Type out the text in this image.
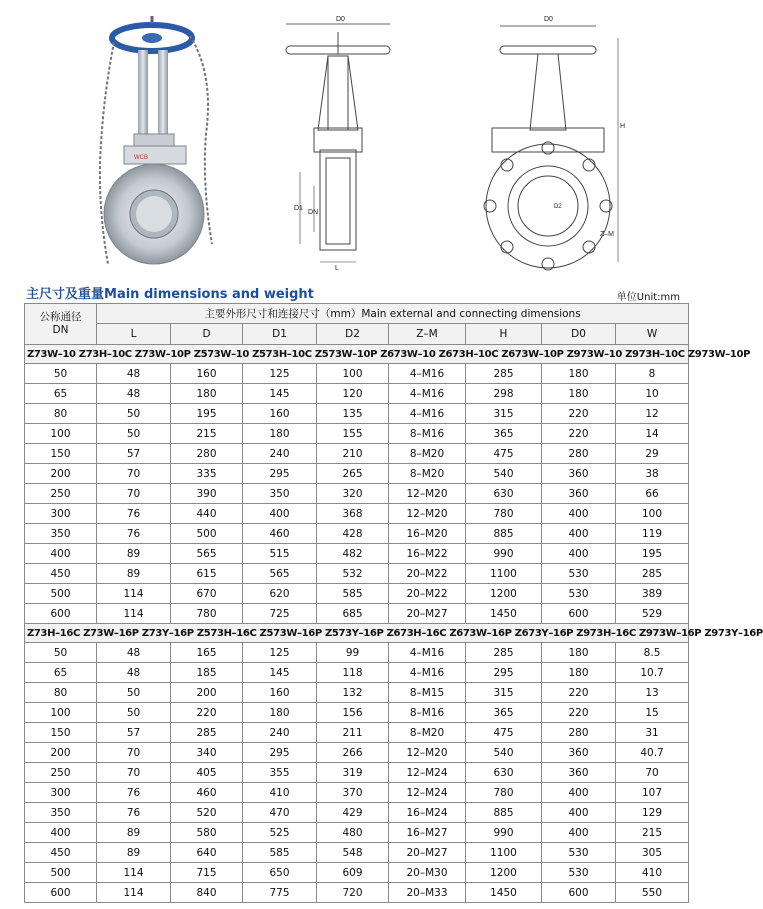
WCB
D0
D1
DN
L
D0
D2
H
Z–M
主尺寸及重量Main dimensions and weight	单位Unit:mm
公称通径
DN	主要外形尺寸和连接尺寸（mm）Main external and connecting dimensions							
	L	D	D1	D2	Z–M	H	D0	W
Z73W–10 Z73H–10C Z73W–10P Z573W–10 Z573H–10C Z573W–10P Z673W–10 Z673H–10C Z673W–10P Z973W–10 Z973H–10C Z973W–10P								
50	48	160	125	100	4–M16	285	180	8
65	48	180	145	120	4–M16	298	180	10
80	50	195	160	135	4–M16	315	220	12
100	50	215	180	155	8–M16	365	220	14
150	57	280	240	210	8–M20	475	280	29
200	70	335	295	265	8–M20	540	360	38
250	70	390	350	320	12–M20	630	360	66
300	76	440	400	368	12–M20	780	400	100
350	76	500	460	428	16–M20	885	400	119
400	89	565	515	482	16–M22	990	400	195
450	89	615	565	532	20–M22	1100	530	285
500	114	670	620	585	20–M22	1200	530	389
600	114	780	725	685	20–M27	1450	600	529
Z73H–16C Z73W–16P Z73Y–16P Z573H–16C Z573W–16P Z573Y–16P Z673H–16C Z673W–16P Z673Y–16P Z973H–16C Z973W–16P Z973Y–16P								
50	48	165	125	99	4–M16	285	180	8.5
65	48	185	145	118	4–M16	295	180	10.7
80	50	200	160	132	8–M15	315	220	13
100	50	220	180	156	8–M16	365	220	15
150	57	285	240	211	8–M20	475	280	31
200	70	340	295	266	12–M20	540	360	40.7
250	70	405	355	319	12–M24	630	360	70
300	76	460	410	370	12–M24	780	400	107
350	76	520	470	429	16–M24	885	400	129
400	89	580	525	480	16–M27	990	400	215
450	89	640	585	548	20–M27	1100	530	305
500	114	715	650	609	20–M30	1200	530	410
600	114	840	775	720	20–M33	1450	600	550
